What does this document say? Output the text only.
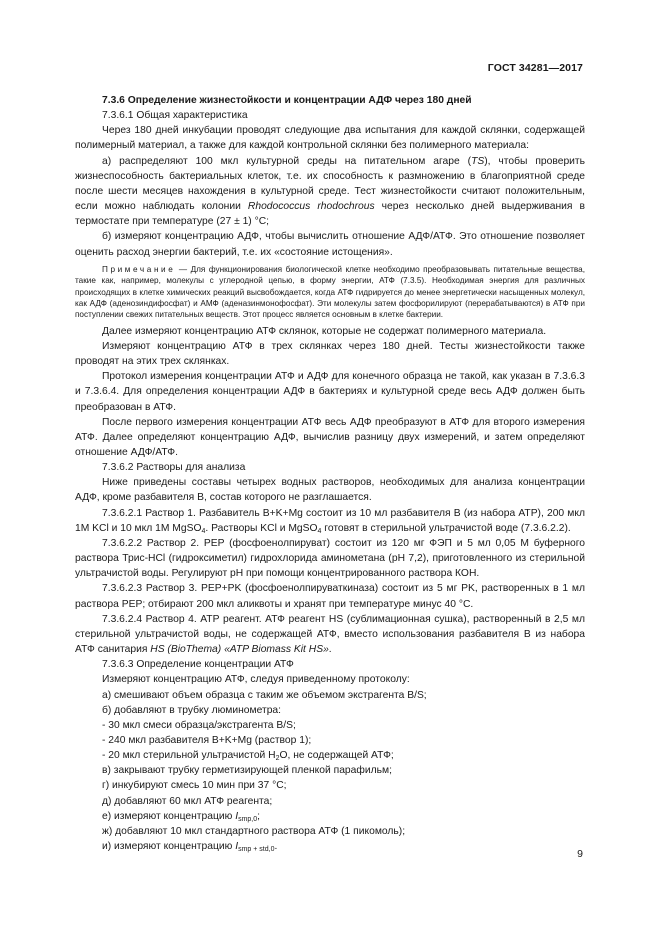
ГОСТ 34281—2017

7.3.6 Определение жизнестойкости и концентрации АДФ через 180 дней

7.3.6.1 Общая характеристика

Через 180 дней инкубации проводят следующие два испытания для каждой склянки, содержащей полимерный материал, а также для каждой контрольной склянки без полимерного материала:

а) распределяют 100 мкл культурной среды на питательном агаре (TS), чтобы проверить жизнеспособность бактериальных клеток, т.е. их способность к размножению в благоприятной среде после шести месяцев нахождения в культурной среде. Тест жизнестойкости считают положительным, если можно наблюдать колонии Rhodococcus rhodochrous через несколько дней выдерживания в термостате при температуре (27 ± 1) °С;

б) измеряют концентрацию АДФ, чтобы вычислить отношение АДФ/АТФ. Это отношение позволяет оценить расход энергии бактерий, т.е. их «состояние истощения».

Примечание — Для функционирования биологической клетке необходимо преобразовывать питательные вещества, такие как, например, молекулы с углеродной цепью, в форму энергии, АТФ (7.3.5). Необходимая энергия для различных происходящих в клетке химических реакций высвобождается, когда АТФ гидрируется до менее энергетически насыщенных молекул, как АДФ (аденозиндифосфат) и АМФ (аденазинмонофосфат). Эти молекулы затем фосфорилируют (перерабатываются) в АТФ при поступлении свежих питательных веществ. Этот процесс является основным в клетке бактерии.

Далее измеряют концентрацию АТФ склянок, которые не содержат полимерного материала.

Измеряют концентрацию АТФ в трех склянках через 180 дней. Тесты жизнестойкости также проводят на этих трех склянках.

Протокол измерения концентрации АТФ и АДФ для конечного образца не такой, как указан в 7.3.6.3 и 7.3.6.4. Для определения концентрации АДФ в бактериях и культурной среде весь АДФ должен быть преобразован в АТФ.

После первого измерения концентрации АТФ весь АДФ преобразуют в АТФ для второго измерения АТФ. Далее определяют концентрацию АДФ, вычислив разницу двух измерений, и затем определяют отношение АДФ/АТФ.

7.3.6.2 Растворы для анализа

Ниже приведены составы четырех водных растворов, необходимых для анализа концентрации АДФ, кроме разбавителя В, состав которого не разглашается.

7.3.6.2.1 Раствор 1. Разбавитель В+K+Mg состоит из 10 мл разбавителя В (из набора АТР), 200 мкл 1М KCl и 10 мкл 1М MgSO$_4$. Растворы KCl и MgSO$_4$ готовят в стерильной ультрачистой воде (7.3.6.2.2).

7.3.6.2.2 Раствор 2. PEP (фосфоенолпируват) состоит из 120 мг ФЭП и 5 мл 0,05 М буферного раствора Трис-HCl (гидроксиметил) гидрохлорида аминометана (pH 7,2), приготовленного из стерильной ультрачистой воды. Регулируют pH при помощи концентрированного раствора КОН.

7.3.6.2.3 Раствор 3. PEP+PK (фосфоенолпируваткиназа) состоит из 5 мг PK, растворенных в 1 мл раствора PEP; отбирают 200 мкл аликвоты и хранят при температуре минус 40 °С.

7.3.6.2.4 Раствор 4. АТР реагент. АТФ реагент HS (сублимационная сушка), растворенный в 2,5 мл стерильной ультрачистой воды, не содержащей АТФ, вместо использования разбавителя В из набора АТФ санитария HS (BioThema) «ATP Biomass Kit HS».

7.3.6.3 Определение концентрации АТФ

Измеряют концентрацию АТФ, следуя приведенному протоколу:

а) смешивают объем образца с таким же объемом экстрагента B/S;

б) добавляют в трубку люминометра:

- 30 мкл смеси образца/экстрагента B/S;

- 240 мкл разбавителя B+K+Mg (раствор 1);

- 20 мкл стерильной ультрачистой $H_2O$, не содержащей АТФ;

в) закрывают трубку герметизирующей пленкой парафильм;

г) инкубируют смесь 10 мин при 37 °С;

д) добавляют 60 мкл АТФ реагента;

е) измеряют концентрацию $I_{smp,0}$;

ж) добавляют 10 мкл стандартного раствора АТФ (1 пикомоль);

и) измеряют концентрацию $I_{smp + std,0}$.

9
